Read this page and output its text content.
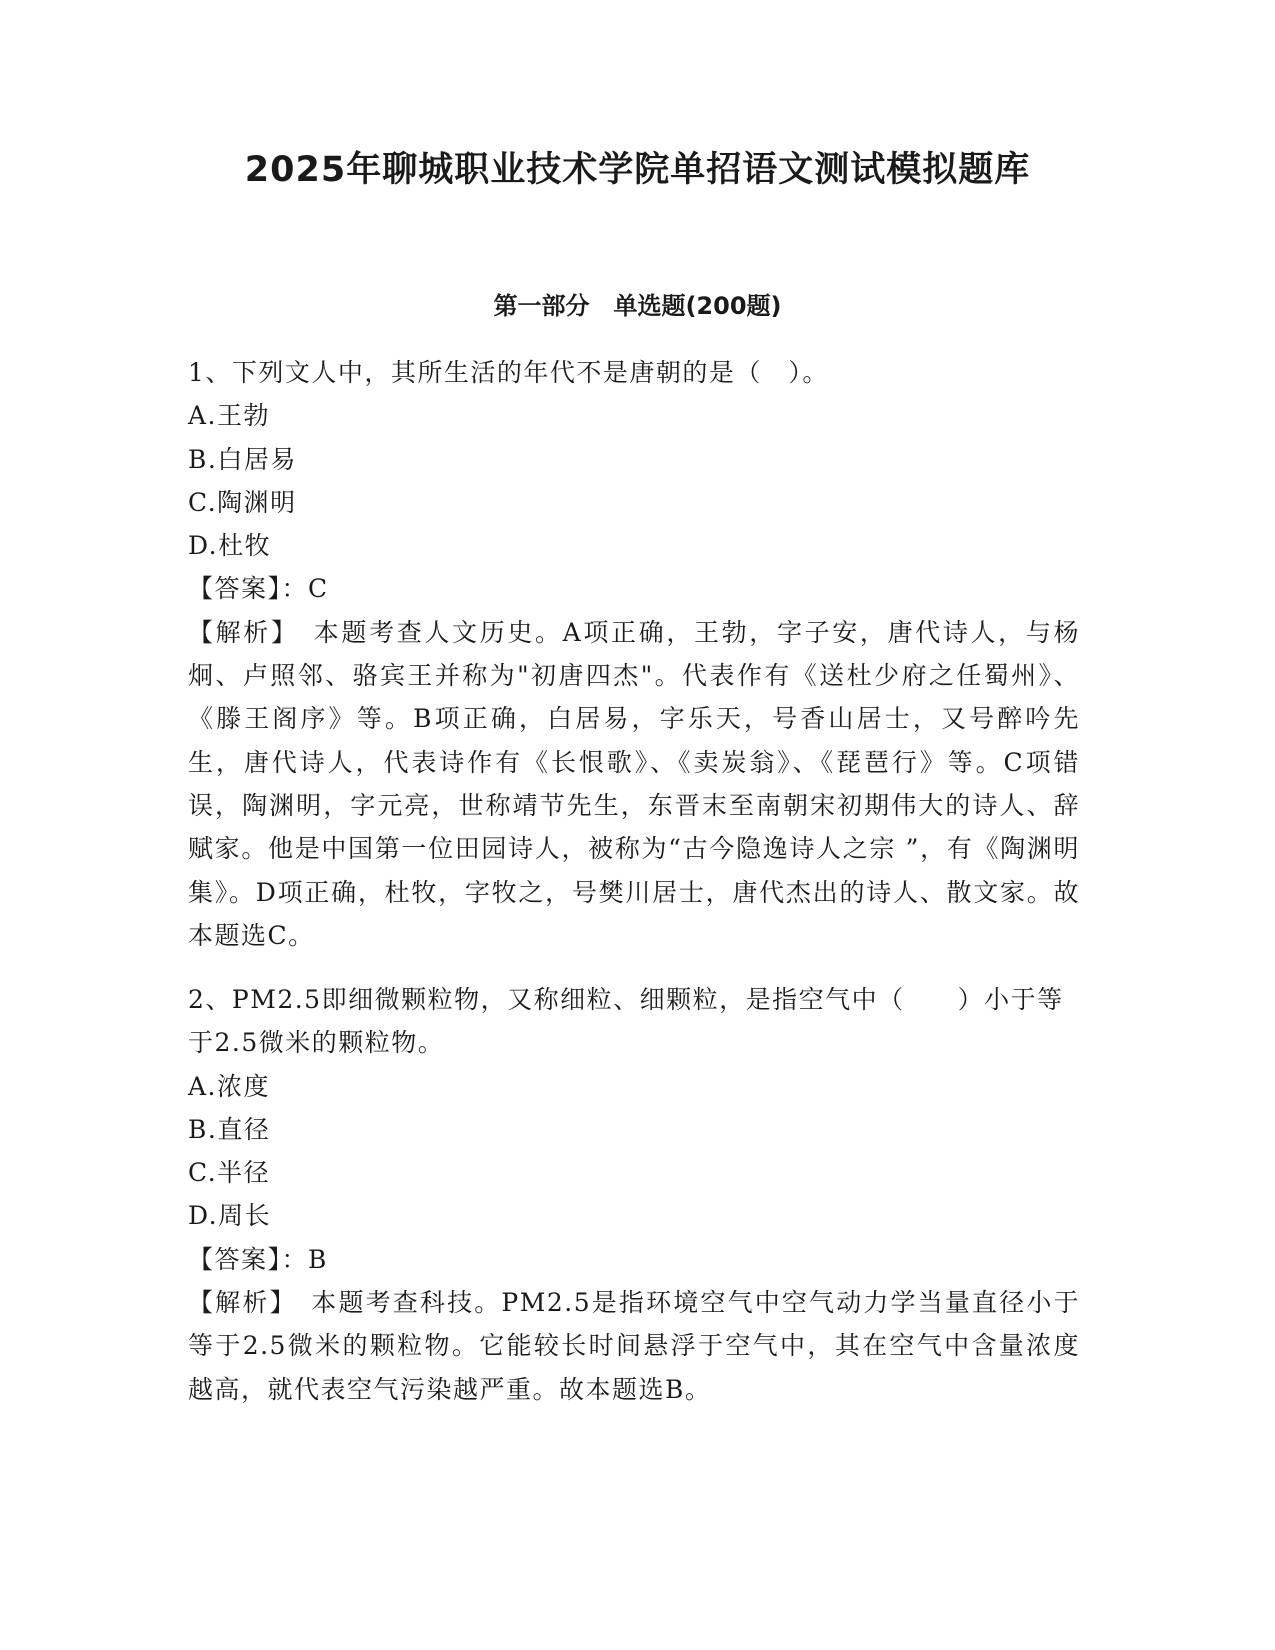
2025年聊城职业技术学院单招语文测试模拟题库
第一部分　单选题(200题)

1、下列文人中，其所生活的年代不是唐朝的是（　）。

A.王勃

B.白居易

C.陶渊明

D.杜牧

【答案】：C

【解析】　本题考查人文历史。A项正确，王勃，字子安，唐代诗人，与杨炯、卢照邻、骆宾王并称为"初唐四杰"。代表作有《送杜少府之任蜀州》、《滕王阁序》等。B项正确，白居易，字乐天，号香山居士，又号醉吟先生，唐代诗人，代表诗作有《长恨歌》、《卖炭翁》、《琵琶行》等。C项错误，陶渊明，字元亮，世称靖节先生，东晋末至南朝宋初期伟大的诗人、辞赋家。他是中国第一位田园诗人，被称为“古今隐逸诗人之宗 ”，有《陶渊明集》。D项正确，杜牧，字牧之，号樊川居士，唐代杰出的诗人、散文家。故本题选C。

2、PM2.5即细微颗粒物，又称细粒、细颗粒，是指空气中（　　）小于等于2.5微米的颗粒物。

A.浓度

B.直径

C.半径

D.周长

【答案】：B

【解析】　本题考查科技。PM2.5是指环境空气中空气动力学当量直径小于等于2.5微米的颗粒物。它能较长时间悬浮于空气中，其在空气中含量浓度越高，就代表空气污染越严重。故本题选B。
